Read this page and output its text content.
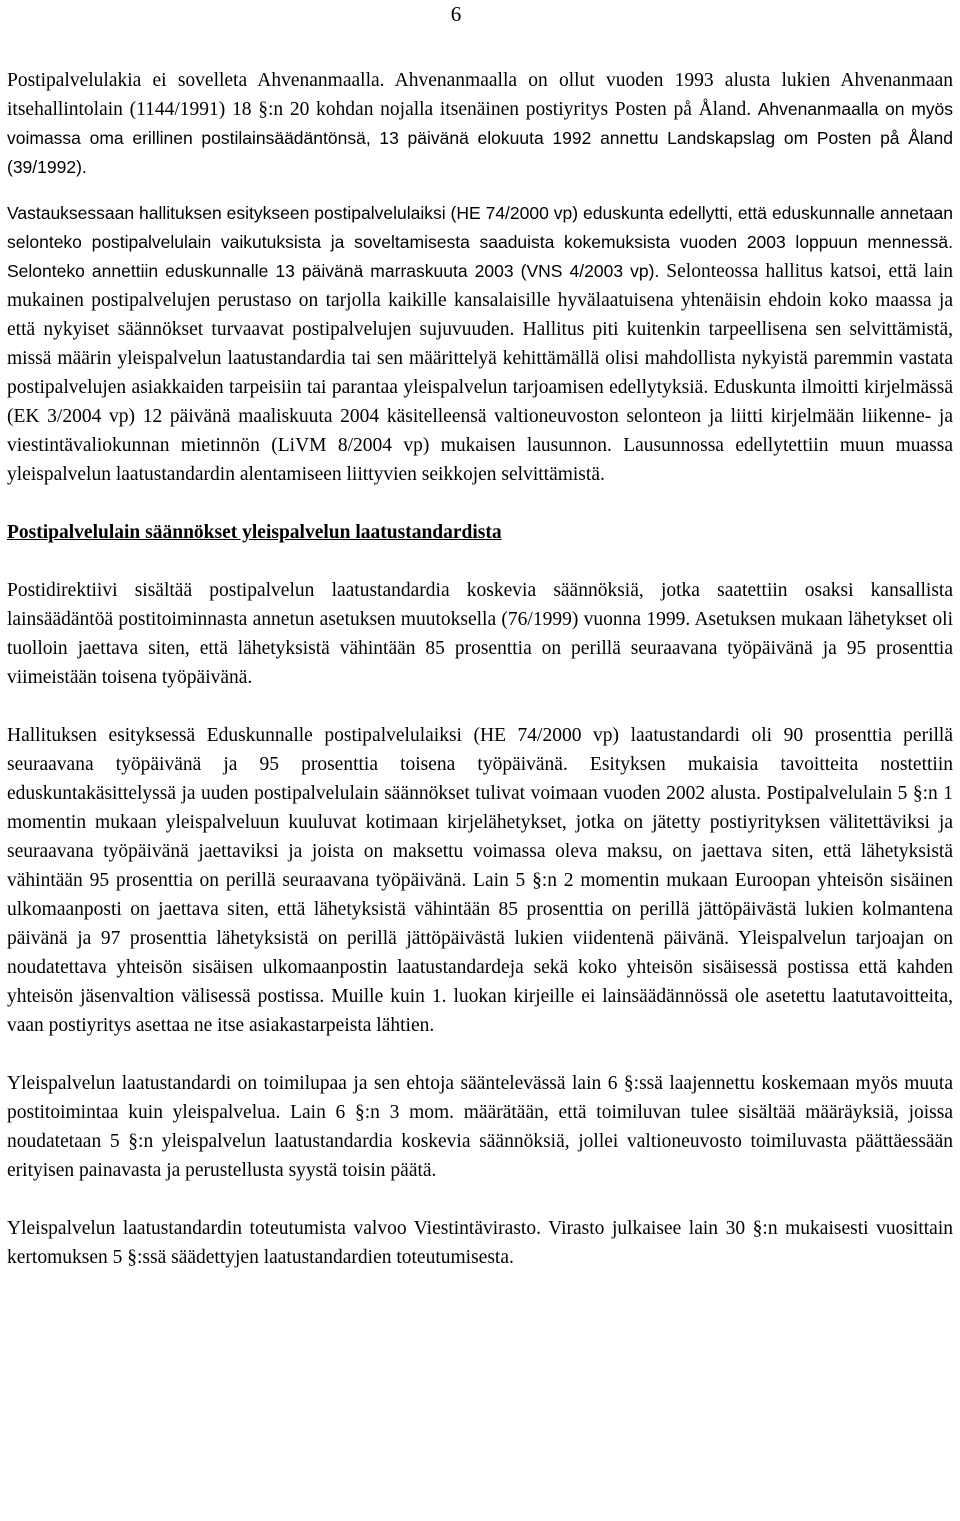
6

Postipalvelulakia ei sovelleta Ahvenanmaalla. Ahvenanmaalla on ollut vuoden 1993 alusta lukien Ahvenanmaan itsehallintolain (1144/1991) 18 §:n 20 kohdan nojalla itsenäinen postiyritys Posten på Åland. Ahvenanmaalla on myös voimassa oma erillinen postilainsäädäntönsä, 13 päivänä elokuuta 1992 annettu Landskapslag om Posten på Åland (39/1992).

Vastauksessaan hallituksen esitykseen postipalvelulaiksi (HE 74/2000 vp) eduskunta edellytti, että eduskunnalle annetaan selonteko postipalvelulain vaikutuksista ja soveltamisesta saaduista kokemuksista vuoden 2003 loppuun mennessä. Selonteko annettiin eduskunnalle 13 päivänä marraskuuta 2003 (VNS 4/2003 vp). Selonteossa hallitus katsoi, että lain mukainen postipalvelujen perustaso on tarjolla kaikille kansalaisille hyvälaatuisena yhtenäisin ehdoin koko maassa ja että nykyiset säännökset turvaavat postipalvelujen sujuvuuden. Hallitus piti kuitenkin tarpeellisena sen selvittämistä, missä määrin yleispalvelun laatustandardia tai sen määrittelyä kehittämällä olisi mahdollista nykyistä paremmin vastata postipalvelujen asiakkaiden tarpeisiin tai parantaa yleispalvelun tarjoamisen edellytyksiä. Eduskunta ilmoitti kirjelmässä (EK 3/2004 vp) 12 päivänä maaliskuuta 2004 käsitelleensä valtioneuvoston selonteon ja liitti kirjelmään liikenne- ja viestintävaliokunnan mietinnön (LiVM 8/2004 vp) mukaisen lausunnon. Lausunnossa edellytettiin muun muassa yleispalvelun laatustandardin alentamiseen liittyvien seikkojen selvittämistä.

Postipalvelulain säännökset yleispalvelun laatustandardista

Postidirektiivi sisältää postipalvelun laatustandardia koskevia säännöksiä, jotka saatettiin osaksi kansallista lainsäädäntöä postitoiminnasta annetun asetuksen muutoksella (76/1999) vuonna 1999. Asetuksen mukaan lähetykset oli tuolloin jaettava siten, että lähetyksistä vähintään 85 prosenttia on perillä seuraavana työpäivänä ja 95 prosenttia viimeistään toisena työpäivänä.

Hallituksen esityksessä Eduskunnalle postipalvelulaiksi (HE 74/2000 vp) laatustandardi oli 90 prosenttia perillä seuraavana työpäivänä ja 95 prosenttia toisena työpäivänä. Esityksen mukaisia tavoitteita nostettiin eduskuntakäsittelyssä ja uuden postipalvelulain säännökset tulivat voimaan vuoden 2002 alusta. Postipalvelulain 5 §:n 1 momentin mukaan yleispalveluun kuuluvat kotimaan kirjelähetykset, jotka on jätetty postiyrityksen välitettäviksi ja seuraavana työpäivänä jaettaviksi ja joista on maksettu voimassa oleva maksu, on jaettava siten, että lähetyksistä vähintään 95 prosenttia on perillä seuraavana työpäivänä. Lain 5 §:n 2 momentin mukaan Euroopan yhteisön sisäinen ulkomaanposti on jaettava siten, että lähetyksistä vähintään 85 prosenttia on perillä jättöpäivästä lukien kolmantena päivänä ja 97 prosenttia lähetyksistä on perillä jättöpäivästä lukien viidentenä päivänä. Yleispalvelun tarjoajan on noudatettava yhteisön sisäisen ulkomaanpostin laatustandardeja sekä koko yhteisön sisäisessä postissa että kahden yhteisön jäsenvaltion välisessä postissa. Muille kuin 1. luokan kirjeille ei lainsäädännössä ole asetettu laatutavoitteita, vaan postiyritys asettaa ne itse asiakastarpeista lähtien.

Yleispalvelun laatustandardi on toimilupaa ja sen ehtoja sääntelevässä lain 6 §:ssä laajennettu koskemaan myös muuta postitoimintaa kuin yleispalvelua. Lain 6 §:n 3 mom. määrätään, että toimiluvan tulee sisältää määräyksiä, joissa noudatetaan 5 §:n yleispalvelun laatustandardia koskevia säännöksiä, jollei valtioneuvosto toimiluvasta päättäessään erityisen painavasta ja perustellusta syystä toisin päätä.

Yleispalvelun laatustandardin toteutumista valvoo Viestintävirasto. Virasto julkaisee lain 30 §:n mukaisesti vuosittain kertomuksen 5 §:ssä säädettyjen laatustandardien toteutumisesta.
